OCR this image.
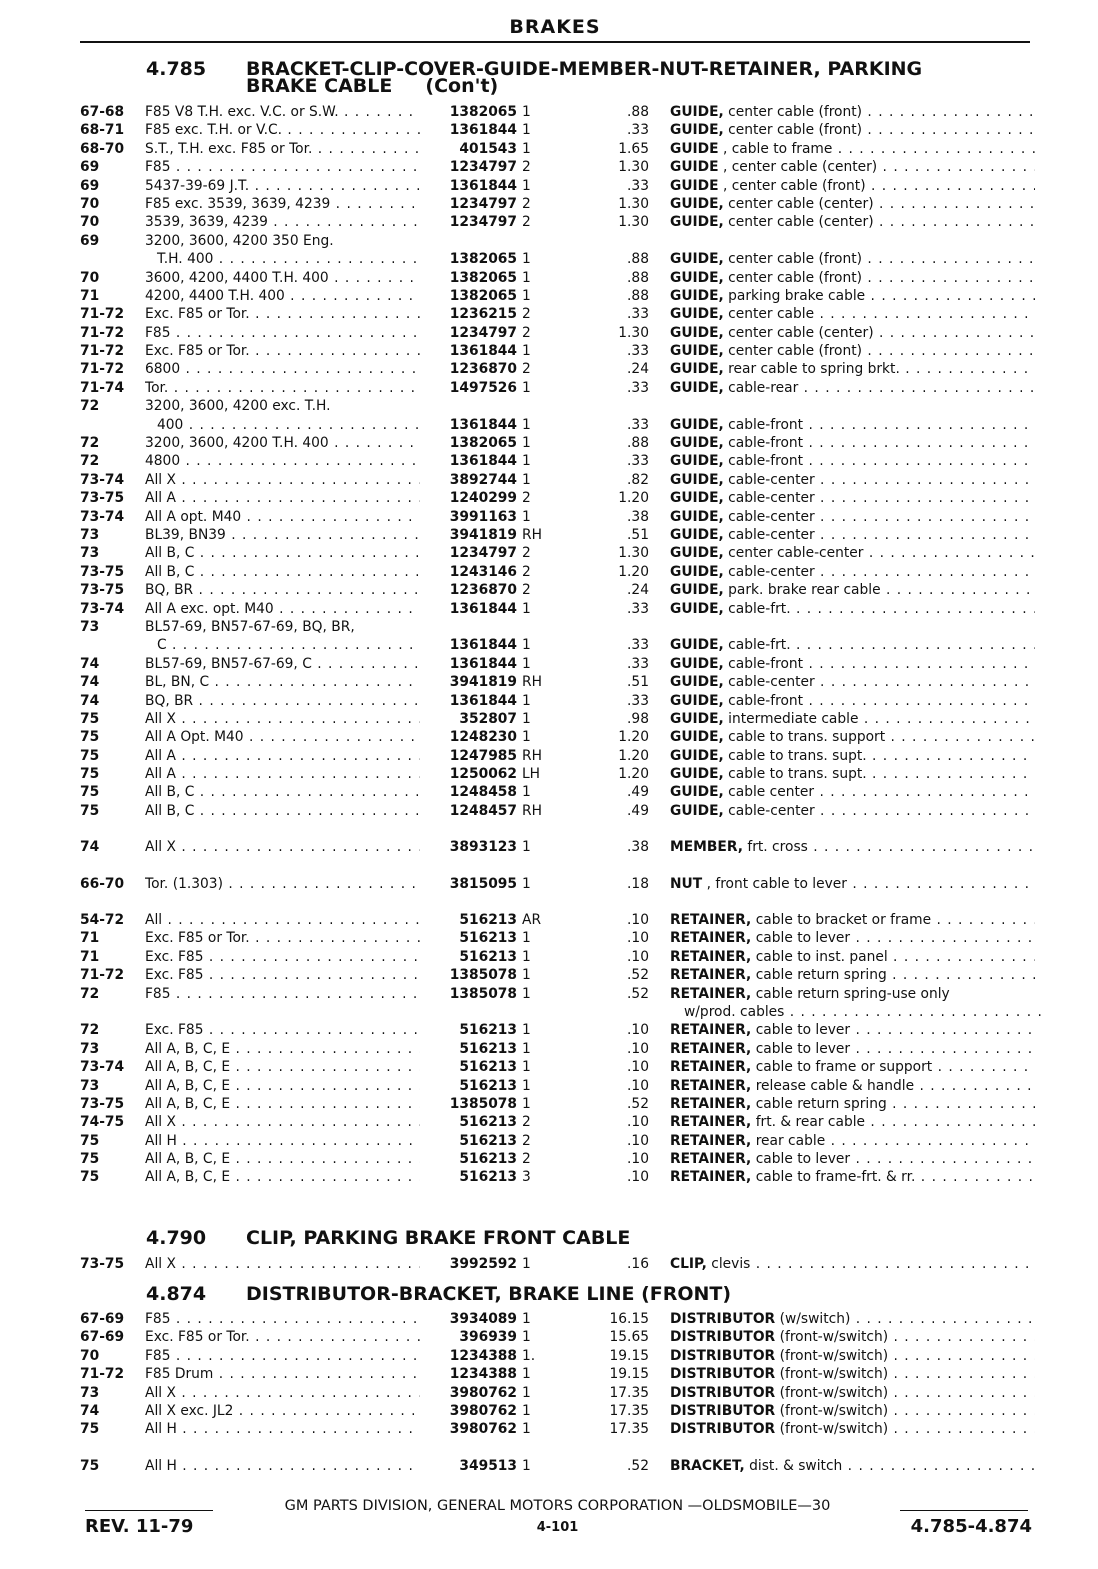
BRAKES
4.785 BRACKET-CLIP-COVER-GUIDE-MEMBER-NUT-RETAINER, PARKING
BRAKE CABLE     (Con't)
67-68	F85 V8 T.H. exc. V.C. or S.W. . . .	1382065 1	.88 GUIDE, center cable (front) . . .
68-71	F85 exc. T.H. or V.C. . . .	1361844 1	.33 GUIDE, center cable (front) . . .
68-70	S.T., T.H. exc. F85 or Tor. . . .	401543 1	1.65 GUIDE , cable to frame . . .
69	F85 . . .	1234797 2	1.30 GUIDE , center cable (center) . . .
69	5437-39-69 J.T. . . .	1361844 1	.33 GUIDE , center cable (front) . . .
70	F85 exc. 3539, 3639, 4239 . . .	1234797 2	1.30 GUIDE, center cable (center) . . .
70	3539, 3639, 4239 . . .	1234797 2	1.30 GUIDE, center cable (center) . . .
69	3200, 3600, 4200 350 Eng.
T.H. 400 . . .	1382065 1	.88 GUIDE, center cable (front) . . .
70	3600, 4200, 4400 T.H. 400 . . .	1382065 1	.88 GUIDE, center cable (front) . . .
71	4200, 4400 T.H. 400 . . .	1382065 1	.88 GUIDE, parking brake cable . . .
71-72	Exc. F85 or Tor. . . .	1236215 2	.33 GUIDE, center cable . . .
71-72	F85 . . .	1234797 2	1.30 GUIDE, center cable (center) . . .
71-72	Exc. F85 or Tor. . . .	1361844 1	.33 GUIDE, center cable (front) . . .
71-72	6800 . . .	1236870 2	.24 GUIDE, rear cable to spring brkt. . . .
71-74	Tor. . . .	1497526 1	.33 GUIDE, cable-rear . . .
72	3200, 3600, 4200 exc. T.H.
400 . . .	1361844 1	.33 GUIDE, cable-front . . .
72	3200, 3600, 4200 T.H. 400 . . .	1382065 1	.88 GUIDE, cable-front . . .
72	4800 . . .	1361844 1	.33 GUIDE, cable-front . . .
73-74	All X . . .	3892744 1	.82 GUIDE, cable-center . . .
73-75	All A . . .	1240299 2	1.20 GUIDE, cable-center . . .
73-74	All A opt. M40 . . .	3991163 1	.38 GUIDE, cable-center . . .
73	BL39, BN39 . . .	3941819 RH	.51 GUIDE, cable-center . . .
73	All B, C . . .	1234797 2	1.30 GUIDE, center cable-center . . .
73-75	All B, C . . .	1243146 2	1.20 GUIDE, cable-center . . .
73-75	BQ, BR . . .	1236870 2	.24 GUIDE, park. brake rear cable . . .
73-74	All A exc. opt. M40 . . .	1361844 1	.33 GUIDE, cable-frt. . . .
73	BL57-69, BN57-67-69, BQ, BR,
C . . .	1361844 1	.33 GUIDE, cable-frt. . . .
74	BL57-69, BN57-67-69, C . . .	1361844 1	.33 GUIDE, cable-front . . .
74	BL, BN, C . . .	3941819 RH	.51 GUIDE, cable-center . . .
74	BQ, BR . . .	1361844 1	.33 GUIDE, cable-front . . .
75	All X . . .	352807 1	.98 GUIDE, intermediate cable . . .
75	All A Opt. M40 . . .	1248230 1	1.20 GUIDE, cable to trans. support . . .
75	All A . . .	1247985 RH	1.20 GUIDE, cable to trans. supt. . . .
75	All A . . .	1250062 LH	1.20 GUIDE, cable to trans. supt. . . .
75	All B, C . . .	1248458 1	.49 GUIDE, cable center . . .
75	All B, C . . .	1248457 RH	.49 GUIDE, cable-center . . .
74	All X . . .	3893123 1	.38 MEMBER, frt. cross . . .
66-70	Tor. (1.303) . . .	3815095 1	.18 NUT , front cable to lever . . .
54-72	All . . .	516213 AR	.10 RETAINER, cable to bracket or frame . . .
71	Exc. F85 or Tor. . . .	516213 1	.10 RETAINER, cable to lever . . .
71	Exc. F85 . . .	516213 1	.10 RETAINER, cable to inst. panel . . .
71-72	Exc. F85 . . .	1385078 1	.52 RETAINER, cable return spring . . .
72	F85 . . .	1385078 1	.52 RETAINER, cable return spring-use only
w/prod. cables . . .
72	Exc. F85 . . .	516213 1	.10 RETAINER, cable to lever . . .
73	All A, B, C, E . . .	516213 1	.10 RETAINER, cable to lever . . .
73-74	All A, B, C, E . . .	516213 1	.10 RETAINER, cable to frame or support . . .
73	All A, B, C, E . . .	516213 1	.10 RETAINER, release cable & handle . . .
73-75	All A, B, C, E . . .	1385078 1	.52 RETAINER, cable return spring . . .
74-75	All X . . .	516213 2	.10 RETAINER, frt. & rear cable . . .
75	All H . . .	516213 2	.10 RETAINER, rear cable . . .
75	All A, B, C, E . . .	516213 2	.10 RETAINER, cable to lever . . .
75	All A, B, C, E . . .	516213 3	.10 RETAINER, cable to frame-frt. & rr. . . .
4.790 CLIP, PARKING BRAKE FRONT CABLE
73-75	All X . . .	3992592 1	.16 CLIP, clevis . . .
4.874 DISTRIBUTOR-BRACKET, BRAKE LINE (FRONT)
67-69	F85 . . .	3934089 1	16.15 DISTRIBUTOR (w/switch) . . .
67-69	Exc. F85 or Tor. . . .	396939 1	15.65 DISTRIBUTOR (front-w/switch) . . .
70	F85 . . .	1234388 1.	19.15 DISTRIBUTOR (front-w/switch) . . .
71-72	F85 Drum . . .	1234388 1	19.15 DISTRIBUTOR (front-w/switch) . . .
73	All X . . .	3980762 1	17.35 DISTRIBUTOR (front-w/switch) . . .
74	All X exc. JL2 . . .	3980762 1	17.35 DISTRIBUTOR (front-w/switch) . . .
75	All H . . .	3980762 1	17.35 DISTRIBUTOR (front-w/switch) . . .
75	All H . . .	349513 1	.52 BRACKET, dist. & switch . . .
GM PARTS DIVISION, GENERAL MOTORS CORPORATION —OLDSMOBILE—30
REV. 11-79	4-101	4.785-4.874
